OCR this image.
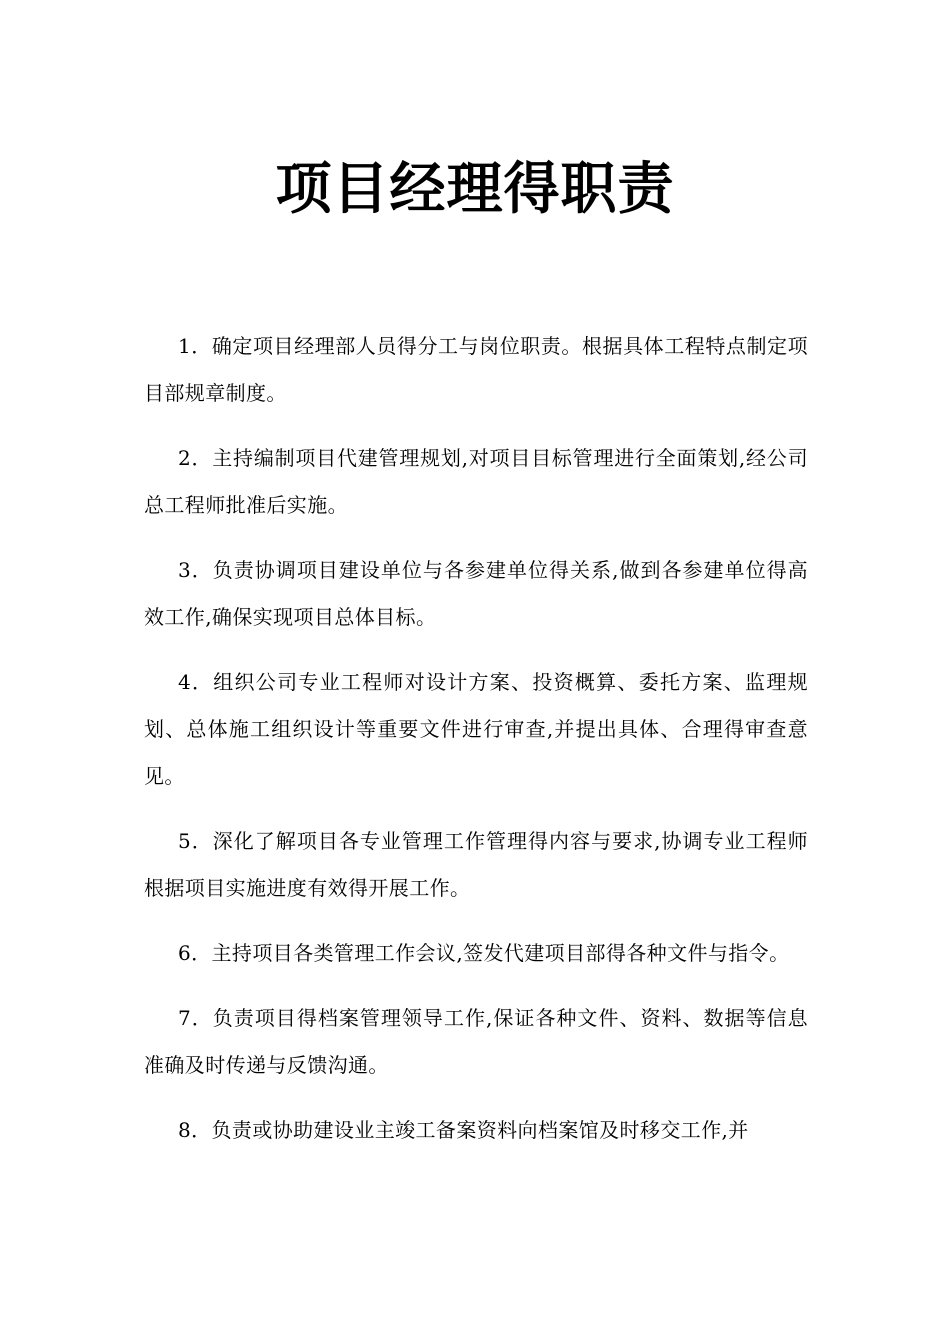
项目经理得职责

1．确定项目经理部人员得分工与岗位职责。根据具体工程特点制定项目部规章制度。

2．主持编制项目代建管理规划,对项目目标管理进行全面策划,经公司总工程师批准后实施。

3．负责协调项目建设单位与各参建单位得关系,做到各参建单位得高效工作,确保实现项目总体目标。

4．组织公司专业工程师对设计方案、投资概算、委托方案、监理规划、总体施工组织设计等重要文件进行审查,并提出具体、合理得审查意见。

5．深化了解项目各专业管理工作管理得内容与要求,协调专业工程师根据项目实施进度有效得开展工作。

6．主持项目各类管理工作会议,签发代建项目部得各种文件与指令。

7．负责项目得档案管理领导工作,保证各种文件、资料、数据等信息准确及时传递与反馈沟通。

8．负责或协助建设业主竣工备案资料向档案馆及时移交工作,并
